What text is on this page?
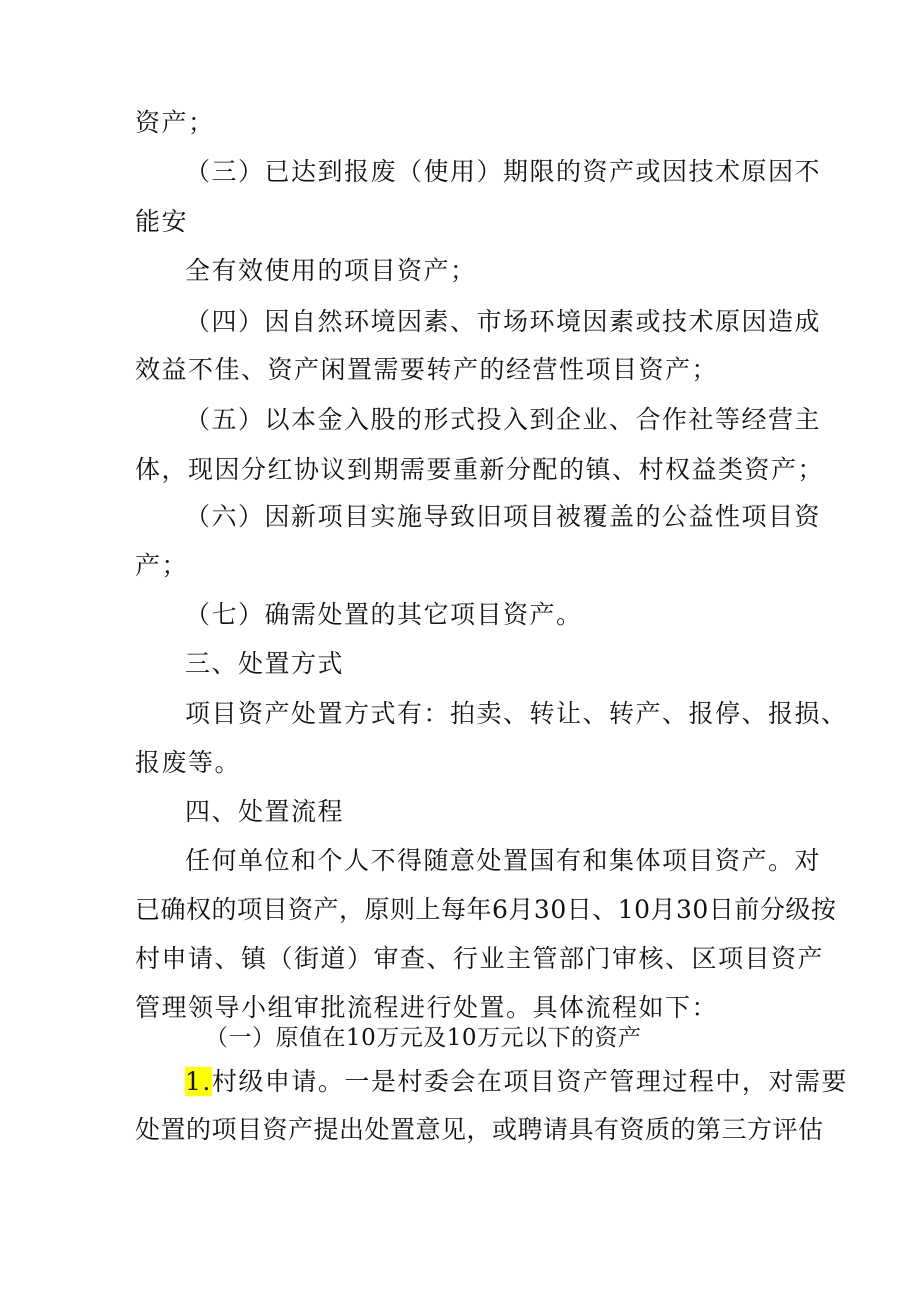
资产；
（三）已达到报废（使用）期限的资产或因技术原因不
能安
全有效使用的项目资产；
（四）因自然环境因素、市场环境因素或技术原因造成
效益不佳、资产闲置需要转产的经营性项目资产；
（五）以本金入股的形式投入到企业、合作社等经营主
体，现因分红协议到期需要重新分配的镇、村权益类资产；
（六）因新项目实施导致旧项目被覆盖的公益性项目资
产；
（七）确需处置的其它项目资产。
三、处置方式
项目资产处置方式有：拍卖、转让、转产、报停、报损、
报废等。
四、处置流程
任何单位和个人不得随意处置国有和集体项目资产。对
已确权的项目资产，原则上每年6月30日、10月30日前分级按
村申请、镇（街道）审查、行业主管部门审核、区项目资产
管理领导小组审批流程进行处置。具体流程如下：
（一）原值在10万元及10万元以下的资产
1.村级申请。一是村委会在项目资产管理过程中，对需要
处置的项目资产提出处置意见，或聘请具有资质的第三方评估
